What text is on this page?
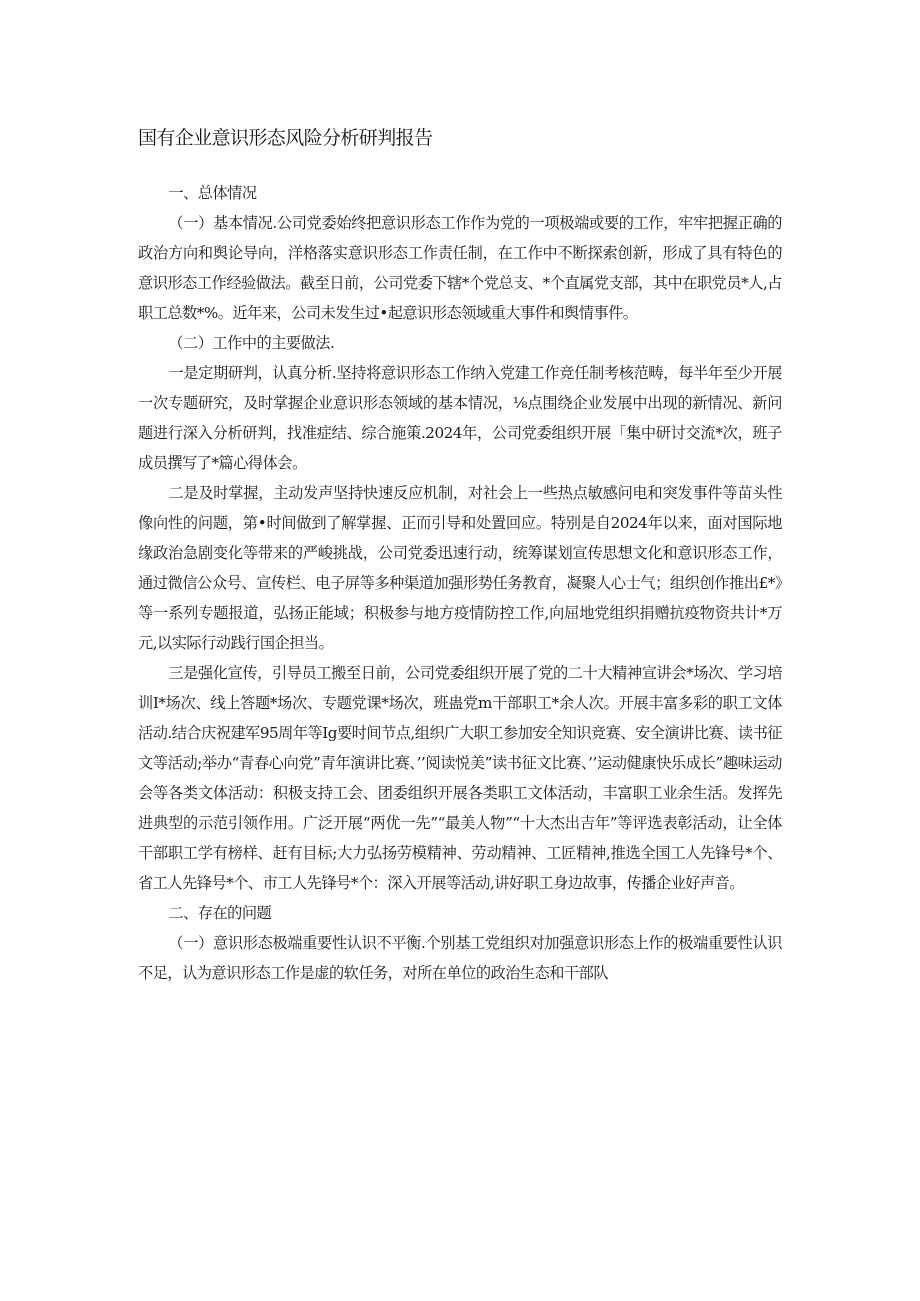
国有企业意识形态风险分析研判报告

一、总体情况

（一）基本情况.公司党委始终把意识形态工作作为党的一项极端或要的工作，牢牢把握正确的政治方向和舆论导向，洋格落实意识形态工作责任制，在工作中不断探索创新，形成了具有特色的意识形态工作经验做法。截至日前，公司党委下辖*个党总支、*个直属党支部，其中在职党员*人,占职工总数*%。近年来，公司未发生过•起意识形态领域重大事件和舆情事件。

（二）工作中的主要做法.

一是定期研判，认真分析.坚持将意识形态工作纳入党建工作竞任制考核范畴，每半年至少开展一次专题研究，及时掌握企业意识形态领域的基本情况，⅛点围绕企业发展中出现的新情况、新问题进行深入分析研判，找准症结、综合施策.2024年，公司党委组织开展「集中研讨交流*次，班子成员撰写了*篇心得体会。

二是及时掌握，主动发声坚持快速反应机制，对社会上一些热点敏感问电和突发事件等苗头性像向性的问题，第•时间做到了解掌握、正而引导和处置回应。特别是自2024年以来，面对国际地缘政治急剧变化等带来的严峻挑战，公司党委迅速行动，统筹谋划宣传思想文化和意识形态工作，通过微信公众号、宣传栏、电子屏等多种渠道加强形势任务教育，凝聚人心士气；组织创作推出£*》等一系列专题报道，弘扬正能域；积极参与地方疫情防控工作,向屈地党组织捐赠抗疫物资共计*万元,以实际行动践行国企担当。

三是强化宣传，引导员工搬至日前，公司党委组织开展了党的二十大精神宣讲会*场次、学习培训I*场次、线上答题*场次、专题党课*场次，班蛊党m干部职工*余人次。开展丰富多彩的职工文体活动.结合庆祝建军95周年等Ig要时间节点,组织广大职工参加安全知识竞赛、安全演讲比赛、读书征文等活动;举办“青春心向党”青年演讲比赛、’’阅读悦美”读书征文比赛、’’运动健康快乐成长”趣味运动会等各类文体活动：积极支持工会、团委组织开展各类职工文体活动，丰富职工业余生活。发挥先进典型的示范引领作用。广泛开展“两优一先”“最美人物”“十大杰出吉年”等评选表彰活动，让全体干部职工学有榜样、赶有目标;大力弘扬劳模精神、劳动精神、工匠精神,推选全国工人先锋号*个、省工人先锋号*个、市工人先锋号*个：深入开展等活动,讲好职工身边故事，传播企业好声音。

二、存在的问题

（一）意识形态极端重要性认识不平衡.个别基工党组织对加强意识形态上作的极端重要性认识不足，认为意识形态工作是虚的软任务，对所在单位的政治生态和干部队
